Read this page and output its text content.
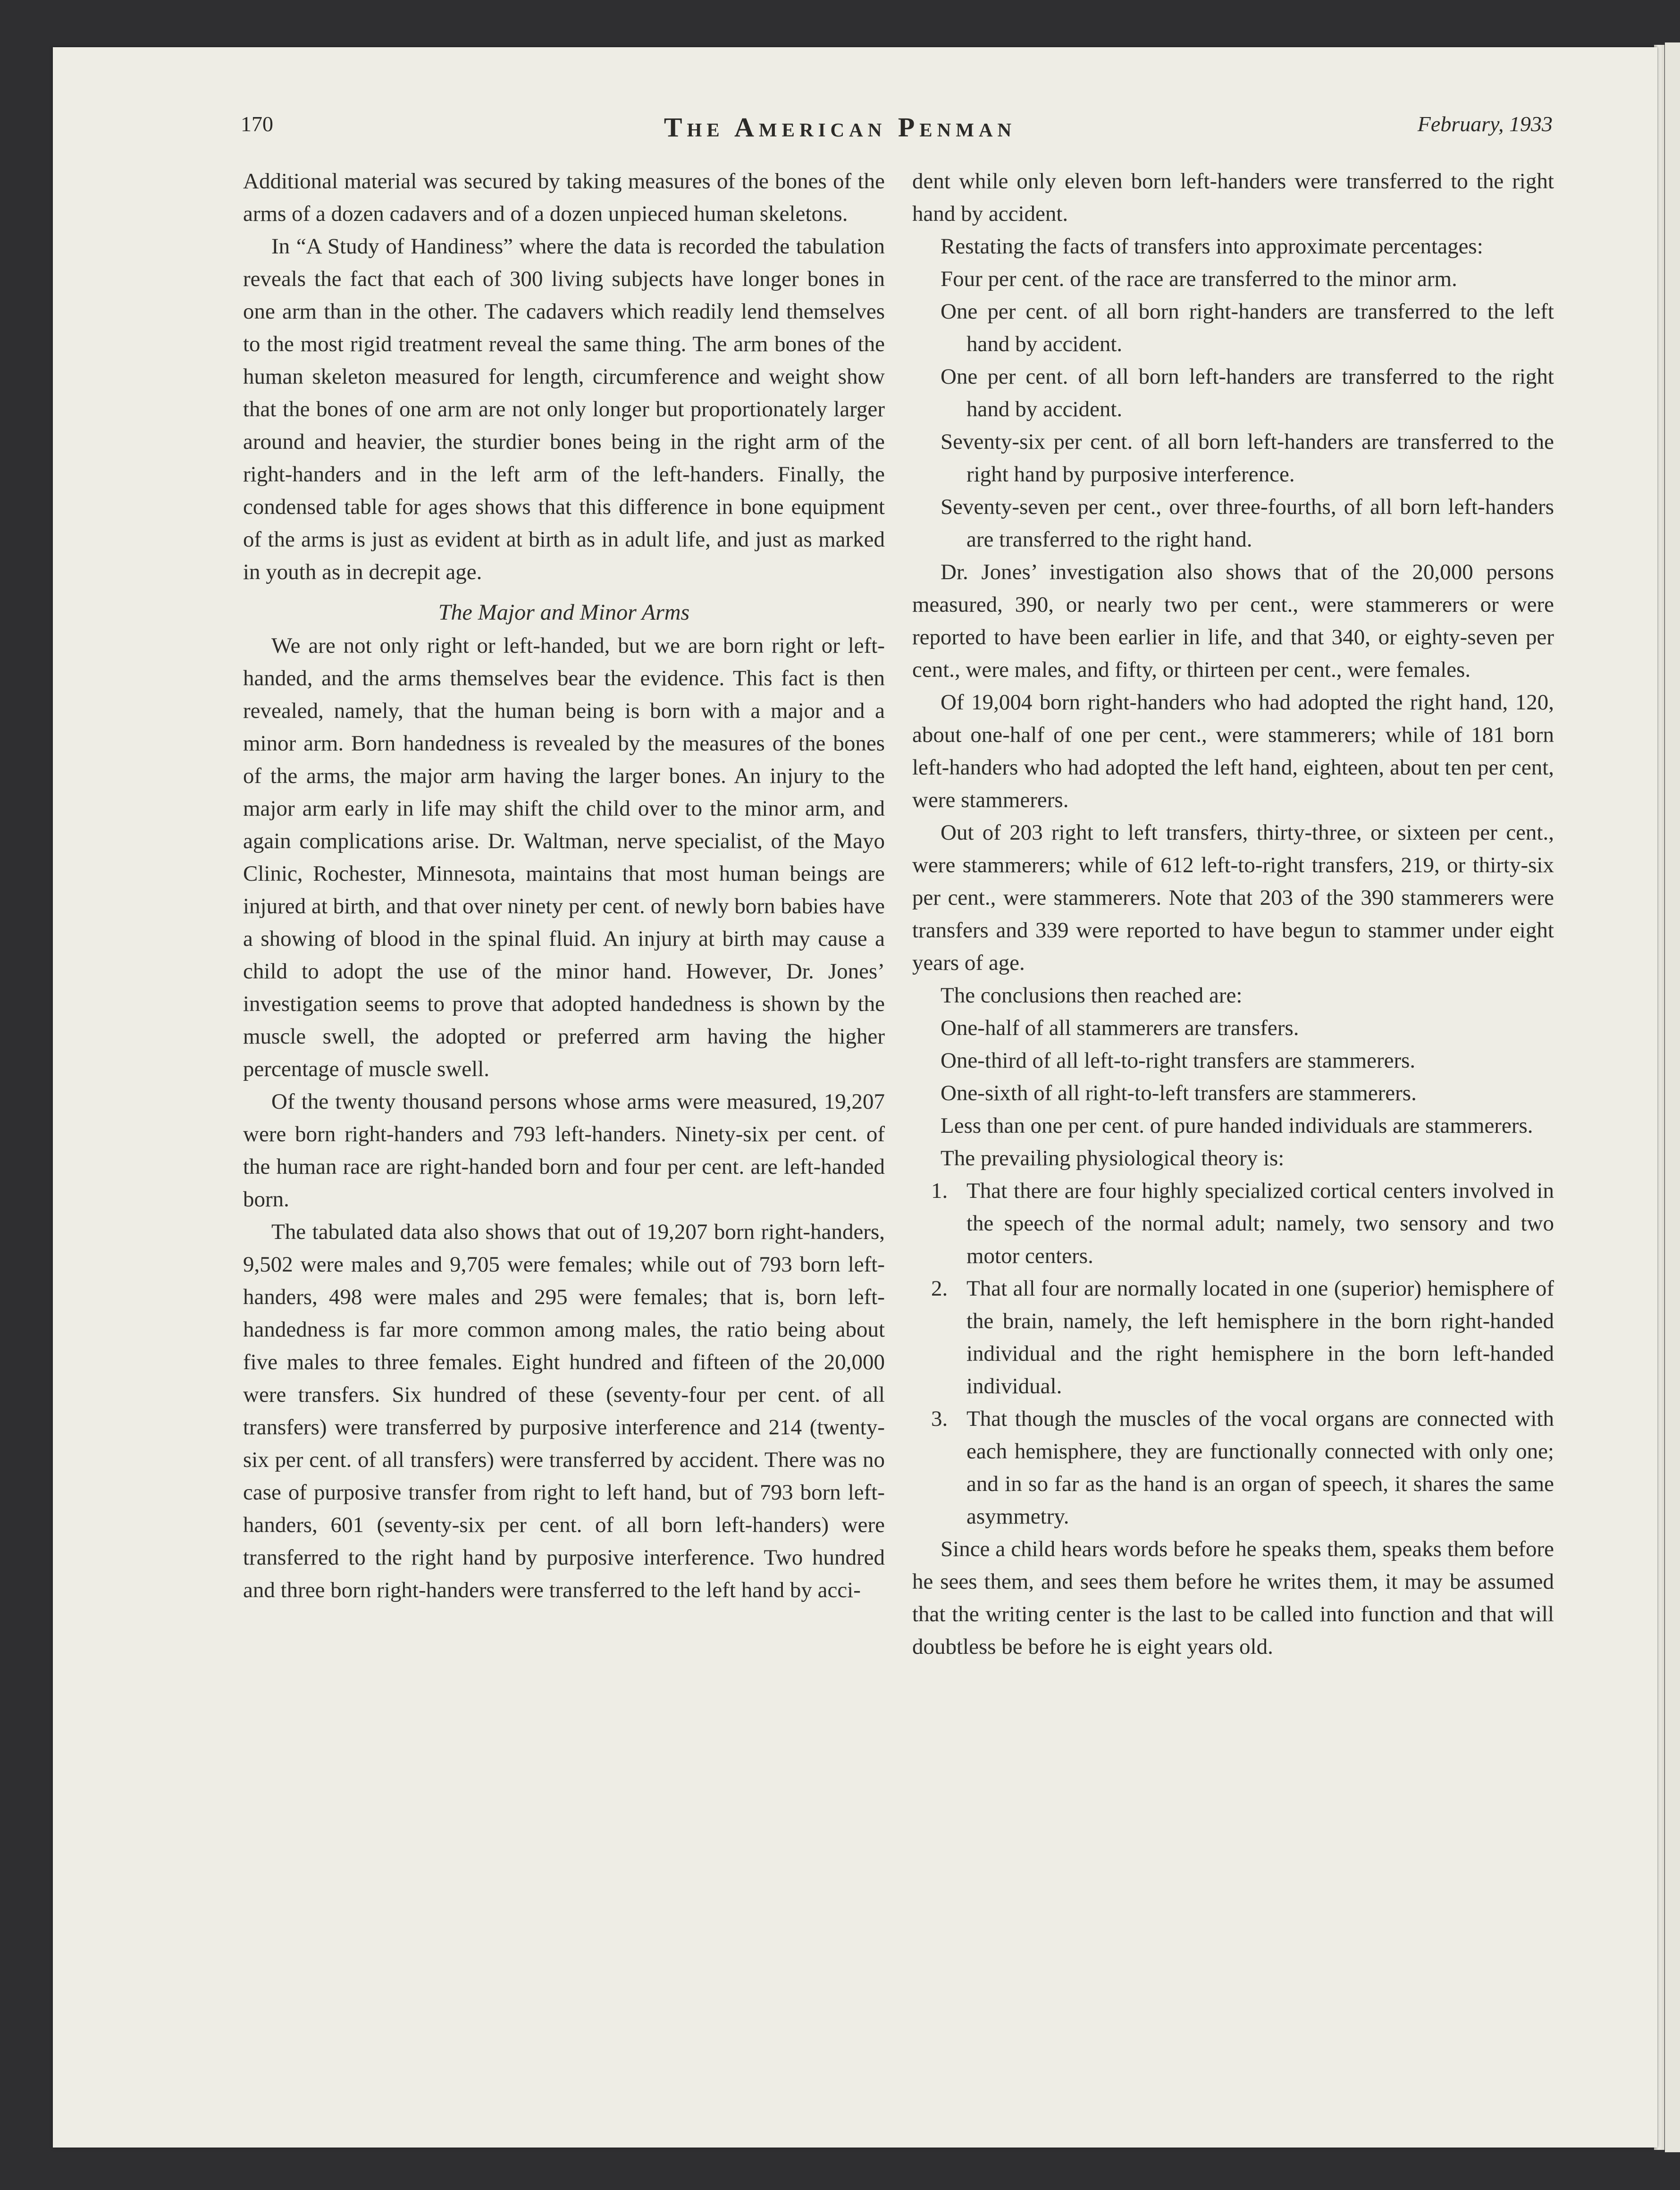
170	The American Penman	February, 1933

Additional material was secured by taking measures of the bones of the arms of a dozen cadavers and of a dozen unpieced human skeletons.

In “A Study of Handiness” where the data is recorded the tabulation reveals the fact that each of 300 living subjects have longer bones in one arm than in the other. The cadavers which readily lend themselves to the most rigid treatment reveal the same thing. The arm bones of the human skeleton measured for length, circumference and weight show that the bones of one arm are not only longer but proportionately larger around and heavier, the sturdier bones being in the right arm of the right-handers and in the left arm of the left-handers. Finally, the condensed table for ages shows that this difference in bone equipment of the arms is just as evident at birth as in adult life, and just as marked in youth as in decrepit age.

The Major and Minor Arms

We are not only right or left-handed, but we are born right or left-handed, and the arms themselves bear the evidence. This fact is then revealed, namely, that the human being is born with a major and a minor arm. Born handedness is revealed by the measures of the bones of the arms, the major arm having the larger bones. An injury to the major arm early in life may shift the child over to the minor arm, and again complications arise. Dr. Waltman, nerve specialist, of the Mayo Clinic, Rochester, Minnesota, maintains that most human beings are injured at birth, and that over ninety per cent. of newly born babies have a showing of blood in the spinal fluid. An injury at birth may cause a child to adopt the use of the minor hand. However, Dr. Jones’ investigation seems to prove that adopted handedness is shown by the muscle swell, the adopted or preferred arm having the higher percentage of muscle swell.

Of the twenty thousand persons whose arms were measured, 19,207 were born right-handers and 793 left-handers. Ninety-six per cent. of the human race are right-handed born and four per cent. are left-handed born.

The tabulated data also shows that out of 19,207 born right-handers, 9,502 were males and 9,705 were females; while out of 793 born left-handers, 498 were males and 295 were females; that is, born left-handedness is far more common among males, the ratio being about five males to three females. Eight hundred and fifteen of the 20,000 were transfers. Six hundred of these (seventy-four per cent. of all transfers) were transferred by purposive interference and 214 (twenty-six per cent. of all transfers) were transferred by accident. There was no case of purposive transfer from right to left hand, but of 793 born left-handers, 601 (seventy-six per cent. of all born left-handers) were transferred to the right hand by purposive interference. Two hundred and three born right-handers were transferred to the left hand by acci-

dent while only eleven born left-handers were transferred to the right hand by accident.

Restating the facts of transfers into approximate percentages:

Four per cent. of the race are transferred to the minor arm.

One per cent. of all born right-handers are transferred to the left hand by accident.

One per cent. of all born left-handers are transferred to the right hand by accident.

Seventy-six per cent. of all born left-handers are transferred to the right hand by purposive interference.

Seventy-seven per cent., over three-fourths, of all born left-handers are transferred to the right hand.

Dr. Jones’ investigation also shows that of the 20,000 persons measured, 390, or nearly two per cent., were stammerers or were reported to have been earlier in life, and that 340, or eighty-seven per cent., were males, and fifty, or thirteen per cent., were females.

Of 19,004 born right-handers who had adopted the right hand, 120, about one-half of one per cent., were stammerers; while of 181 born left-handers who had adopted the left hand, eighteen, about ten per cent, were stammerers.

Out of 203 right to left transfers, thirty-three, or sixteen per cent., were stammerers; while of 612 left-to-right transfers, 219, or thirty-six per cent., were stammerers. Note that 203 of the 390 stammerers were transfers and 339 were reported to have begun to stammer under eight years of age.

The conclusions then reached are:

One-half of all stammerers are transfers.

One-third of all left-to-right transfers are stammerers.

One-sixth of all right-to-left transfers are stammerers.

Less than one per cent. of pure handed individuals are stammerers.

The prevailing physiological theory is:

1. That there are four highly specialized cortical centers involved in the speech of the normal adult; namely, two sensory and two motor centers.
2. That all four are normally located in one (superior) hemisphere of the brain, namely, the left hemisphere in the born right-handed individual and the right hemisphere in the born left-handed individual.
3. That though the muscles of the vocal organs are connected with each hemisphere, they are functionally connected with only one; and in so far as the hand is an organ of speech, it shares the same asymmetry.

Since a child hears words before he speaks them, speaks them before he sees them, and sees them before he writes them, it may be assumed that the writing center is the last to be called into function and that will doubtless be before he is eight years old.
